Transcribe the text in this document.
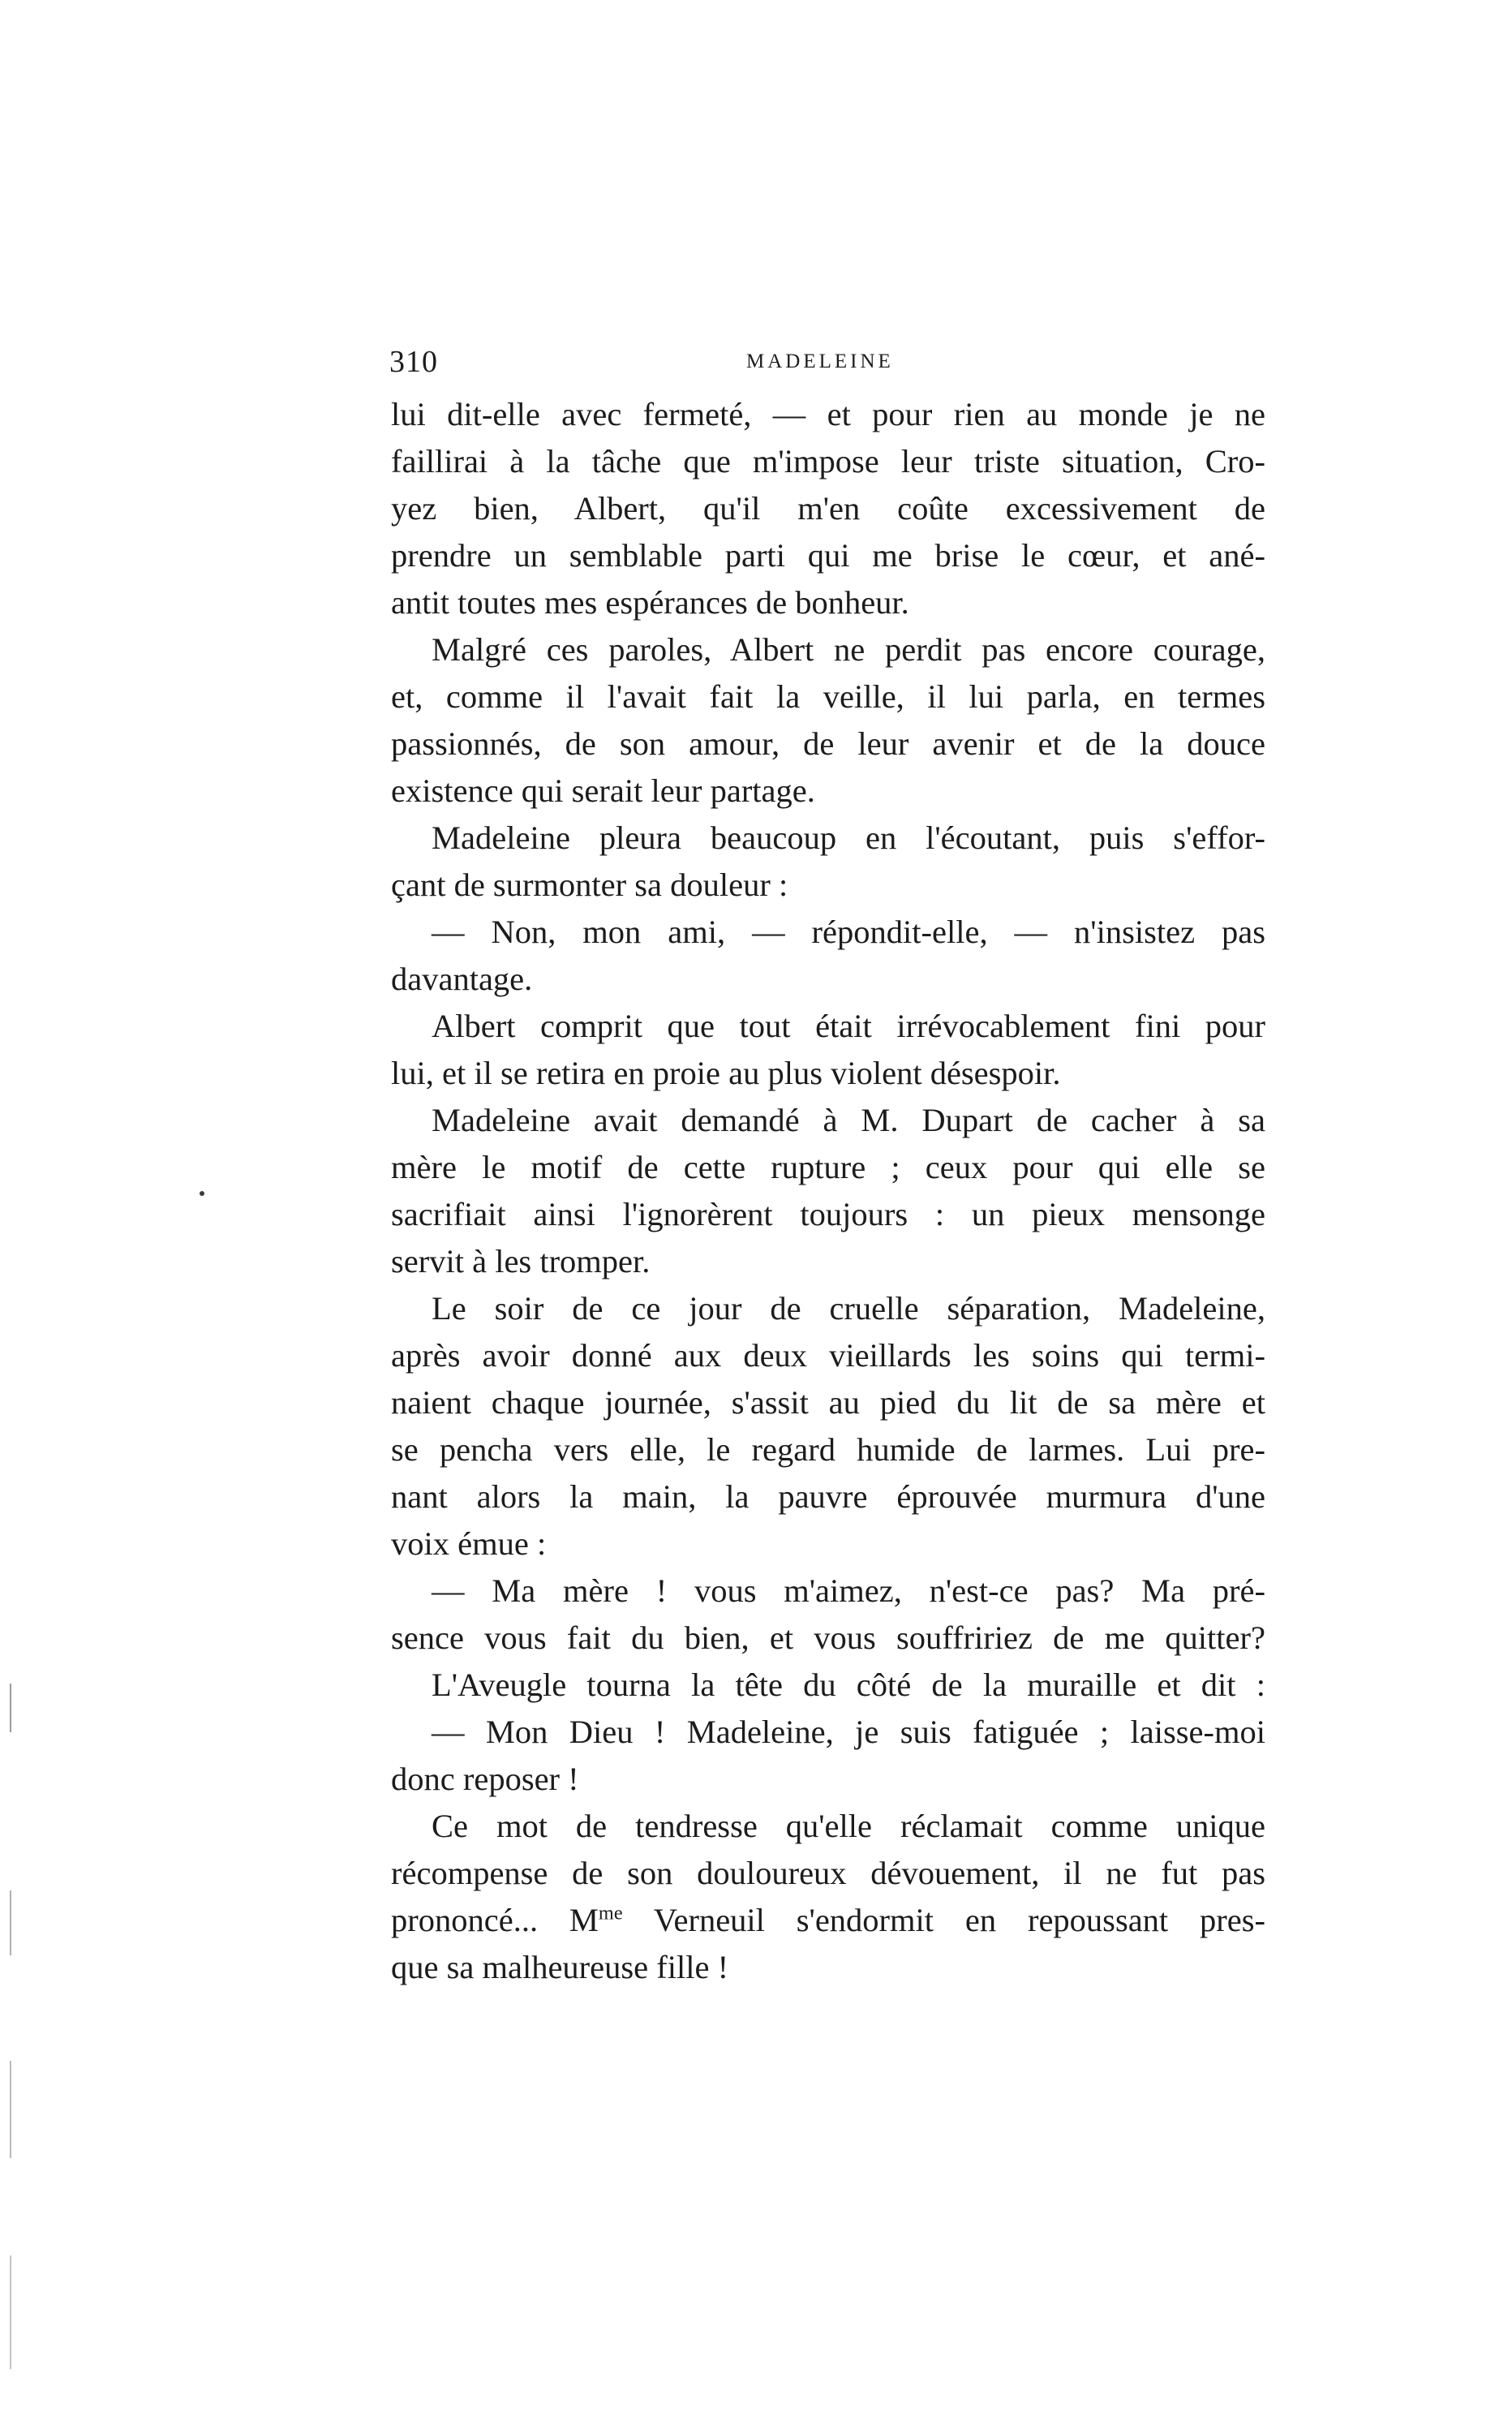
310	MADELEINE
lui dit-elle avec fermeté, — et pour rien au monde je ne
faillirai à la tâche que m'impose leur triste situation, Cro-
yez bien, Albert, qu'il m'en coûte excessivement de
prendre un semblable parti qui me brise le cœur, et ané-
antit toutes mes espérances de bonheur.
Malgré ces paroles, Albert ne perdit pas encore courage,
et, comme il l'avait fait la veille, il lui parla, en termes
passionnés, de son amour, de leur avenir et de la douce
existence qui serait leur partage.
Madeleine pleura beaucoup en l'écoutant, puis s'effor-
çant de surmonter sa douleur :
— Non, mon ami, — répondit-elle, — n'insistez pas
davantage.
Albert comprit que tout était irrévocablement fini pour
lui, et il se retira en proie au plus violent désespoir.
Madeleine avait demandé à M. Dupart de cacher à sa
mère le motif de cette rupture ; ceux pour qui elle se
sacrifiait ainsi l'ignorèrent toujours : un pieux mensonge
servit à les tromper.
Le soir de ce jour de cruelle séparation, Madeleine,
après avoir donné aux deux vieillards les soins qui termi-
naient chaque journée, s'assit au pied du lit de sa mère et
se pencha vers elle, le regard humide de larmes. Lui pre-
nant alors la main, la pauvre éprouvée murmura d'une
voix émue :
— Ma mère ! vous m'aimez, n'est-ce pas? Ma pré-
sence vous fait du bien, et vous souffririez de me quitter?
L'Aveugle tourna la tête du côté de la muraille et dit :
— Mon Dieu ! Madeleine, je suis fatiguée ; laisse-moi
donc reposer !
Ce mot de tendresse qu'elle réclamait comme unique
récompense de son douloureux dévouement, il ne fut pas
prononcé... $M^{me}$ Verneuil s'endormit en repoussant pres-
que sa malheureuse fille !
